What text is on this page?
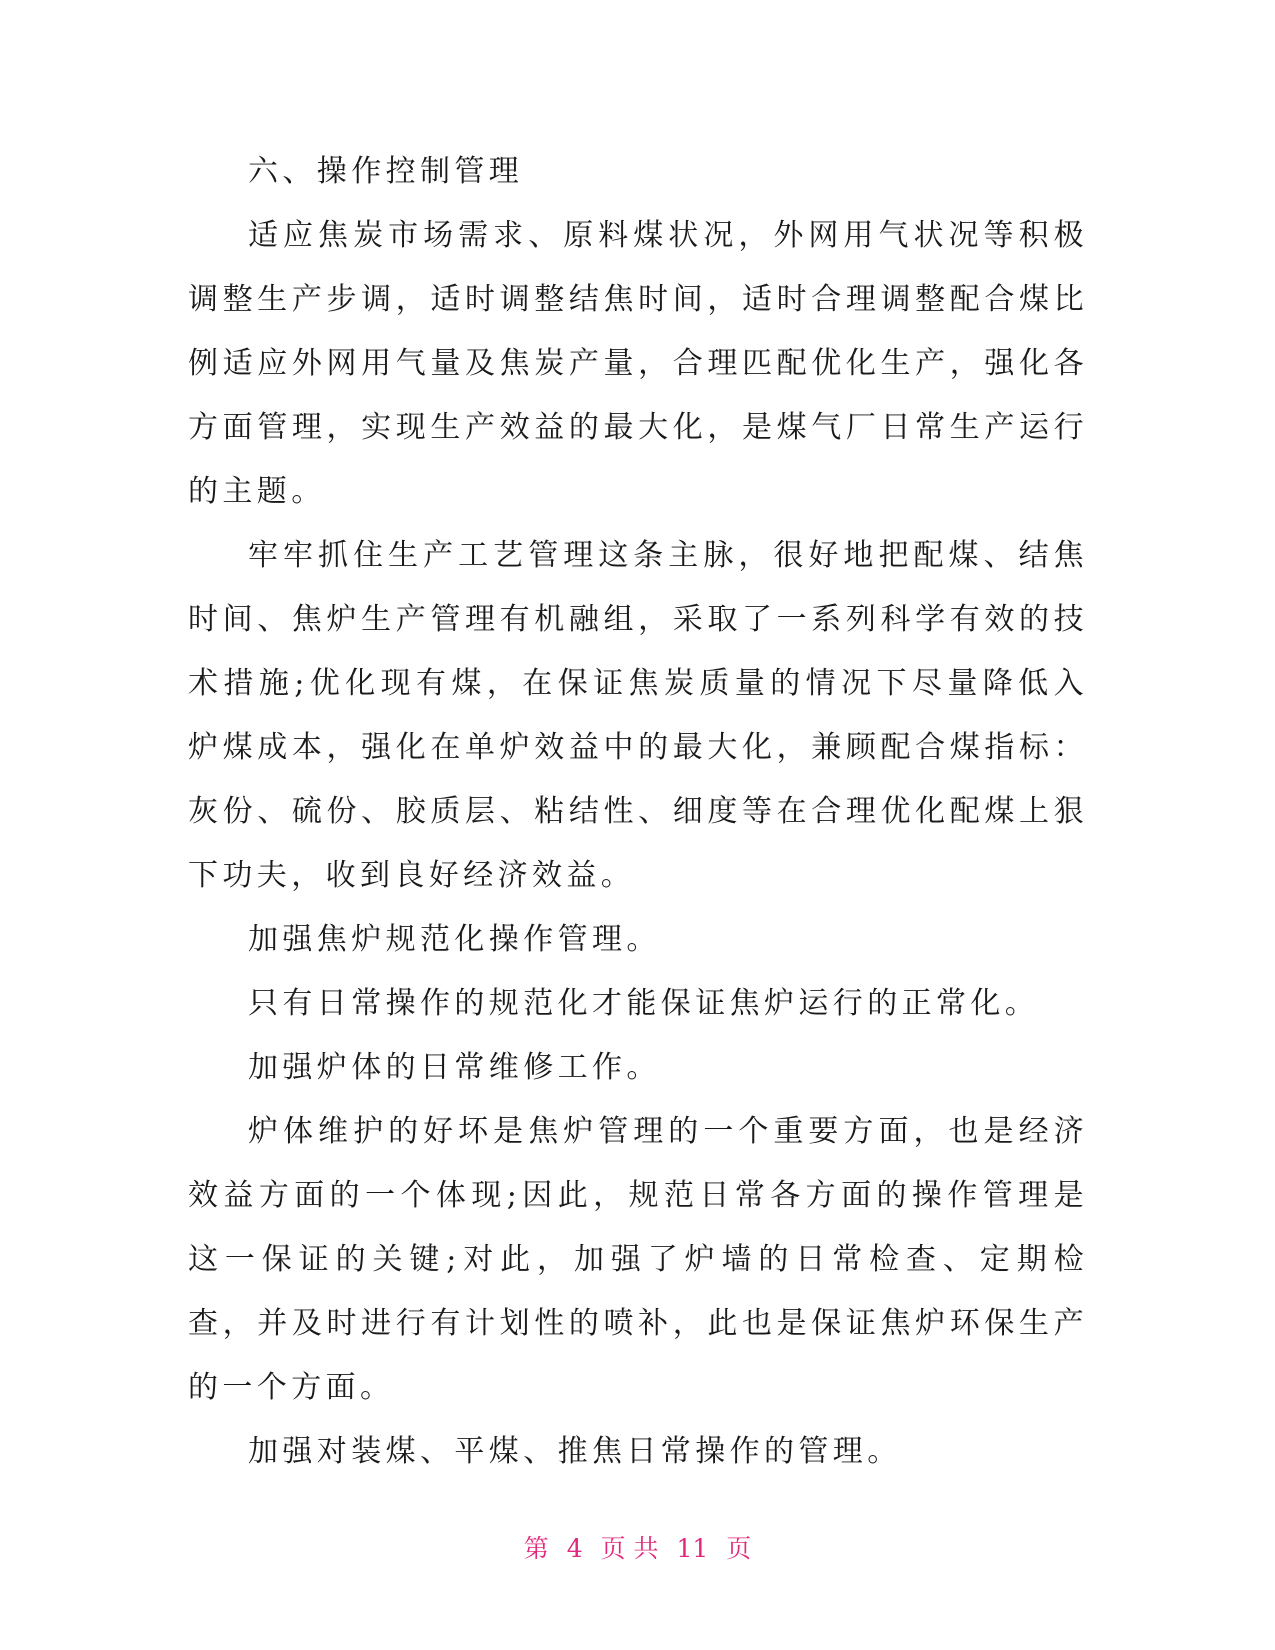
六、操作控制管理

适应焦炭市场需求、原料煤状况，外网用气状况等积极调整生产步调，适时调整结焦时间，适时合理调整配合煤比例适应外网用气量及焦炭产量，合理匹配优化生产，强化各方面管理，实现生产效益的最大化，是煤气厂日常生产运行的主题。

牢牢抓住生产工艺管理这条主脉，很好地把配煤、结焦时间、焦炉生产管理有机融组，采取了一系列科学有效的技术措施;优化现有煤，在保证焦炭质量的情况下尽量降低入炉煤成本，强化在单炉效益中的最大化，兼顾配合煤指标：灰份、硫份、胶质层、粘结性、细度等在合理优化配煤上狠下功夫，收到良好经济效益。

加强焦炉规范化操作管理。

只有日常操作的规范化才能保证焦炉运行的正常化。

加强炉体的日常维修工作。

炉体维护的好坏是焦炉管理的一个重要方面，也是经济效益方面的一个体现;因此，规范日常各方面的操作管理是这一保证的关键;对此，加强了炉墙的日常检查、定期检查，并及时进行有计划性的喷补，此也是保证焦炉环保生产的一个方面。

加强对装煤、平煤、推焦日常操作的管理。

第 4 页 共 11 页
